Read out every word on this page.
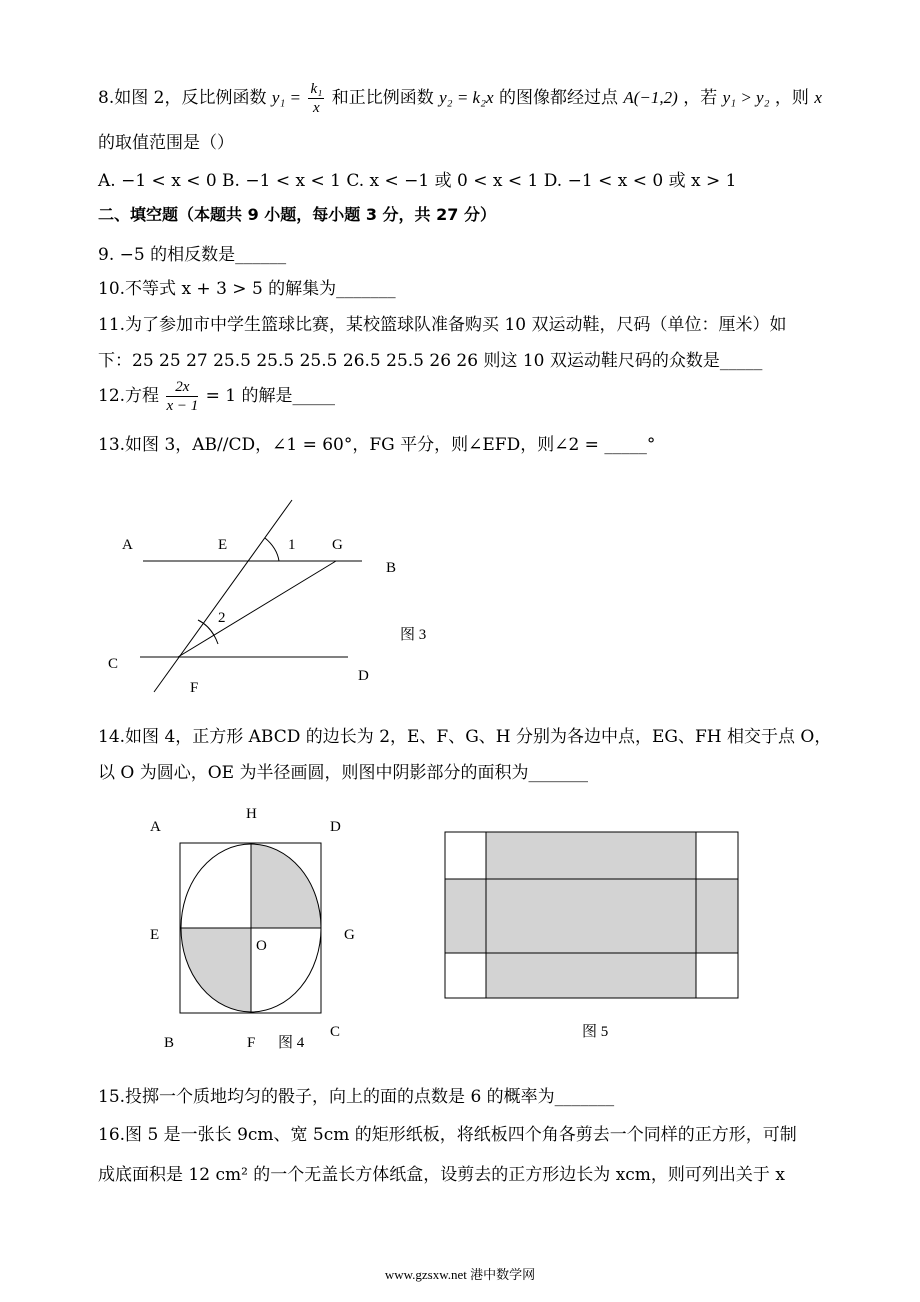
8.如图 2，反比例函数 $y_1 = \frac{\text{k₁}}{x}$ 和正比例函数 y₂ = k₂x 的图像都经过点 A(−1,2) ，若 y₁ > y₂ ，则 x
的取值范围是（）
A. −1 < x < 0 B. −1 < x < 1 C. x < −1 或 0 < x < 1 D. −1 < x < 0 或 x > 1
二、填空题（本题共 9 小题，每小题 3 分，共 27 分）
9. −5 的相反数是______
10.不等式 x + 3 > 5 的解集为_______
11.为了参加市中学生篮球比赛，某校篮球队准备购买 10 双运动鞋，尺码（单位：厘米）如
下：25 25 27 25.5 25.5 25.5 26.5 25.5 26 26 则这 10 双运动鞋尺码的众数是_____
12.方程 $\frac{2x}{x - 1} = 1$ 的解是_____
13.如图 3，AB//CD，∠1 = 60°，FG 平分，则∠EFD，则∠2 = _____°
A	E	1 G
B
2
C
F
D
图 3
14.如图 4，正方形 ABCD 的边长为 2，E、F、G、H 分别为各边中点，EG、FH 相交于点 O，
以 O 为圆心，OE 为半径画圆，则图中阴影部分的面积为_______
A
H
D
E
O
G
B	F
C
图 4
图 5
15.投掷一个质地均匀的骰子，向上的面的点数是 6 的概率为_______
16.图 5 是一张长 9cm、宽 5cm 的矩形纸板，将纸板四个角各剪去一个同样的正方形，可制
成底面积是 12 cm² 的一个无盖长方体纸盒，设剪去的正方形边长为 xcm，则可列出关于 x
www.gzsxw.net 港中数学网
